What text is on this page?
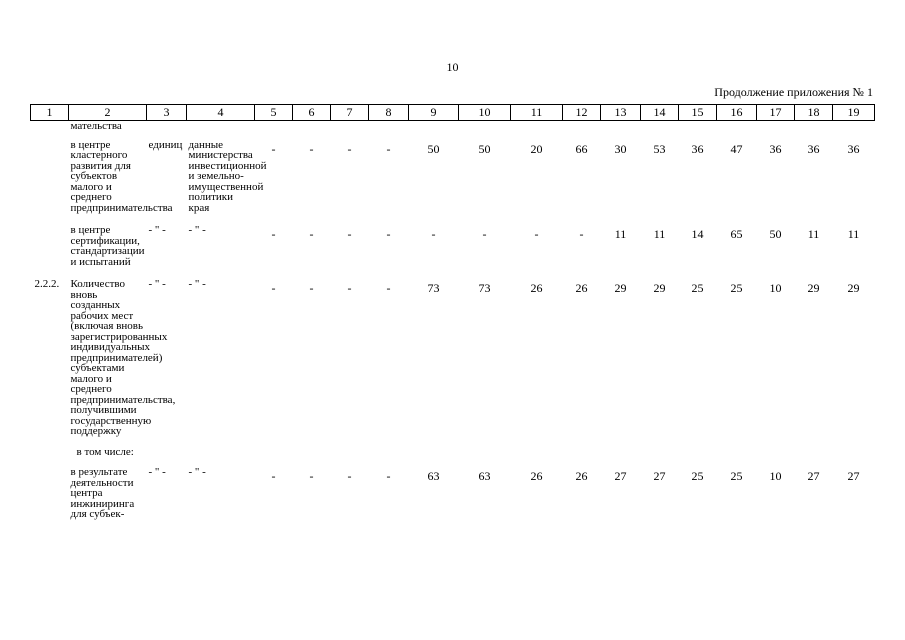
10
Продолжение приложения № 1
1	2	3	4	5	6	7	8	9	10	11	12	13	14	15	16	17	18	19
	мательства																	
	в центре кластерного развития для субъектов малого и среднего предпринимательства	единиц	данные министерства инвестиционной и земельно-имущественной политики края	-	-	-	-	50	50	20	66	30	53	36	47	36	36	36
	в центре сертификации, стандартизации и испытаний	- " -	- " -	-	-	-	-	-	-	-	-	11	11	14	65	50	11	11
2.2.2.	Количество вновь созданных рабочих мест (включая вновь зарегистрированных индивидуальных предпринимателей) субъектами малого и среднего предпринимательства, получившими государственную поддержку	- " -	- " -	-	-	-	-	73	73	26	26	29	29	25	25	10	29	29
	в том числе:																	
	в результате деятельности центра инжиниринга для субъек-	- " -	- " -	-	-	-	-	63	63	26	26	27	27	25	25	10	27	27
